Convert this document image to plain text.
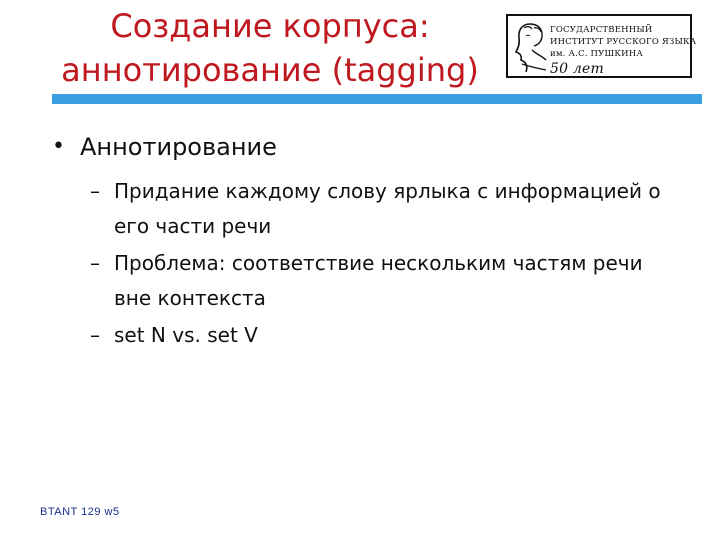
Создание корпуса:
аннотирование (tagging)
ГОСУДАРСТВЕННЫЙ
ИНСТИТУТ РУССКОГО ЯЗЫКА
им. А.С. ПУШКИНА
50 лет
• Аннотирование
– Придание каждому слову ярлыка с информацией о его части речи
– Проблема: соответствие нескольким частям речи вне контекста
– set N vs. set V
BTANT 129 w5
